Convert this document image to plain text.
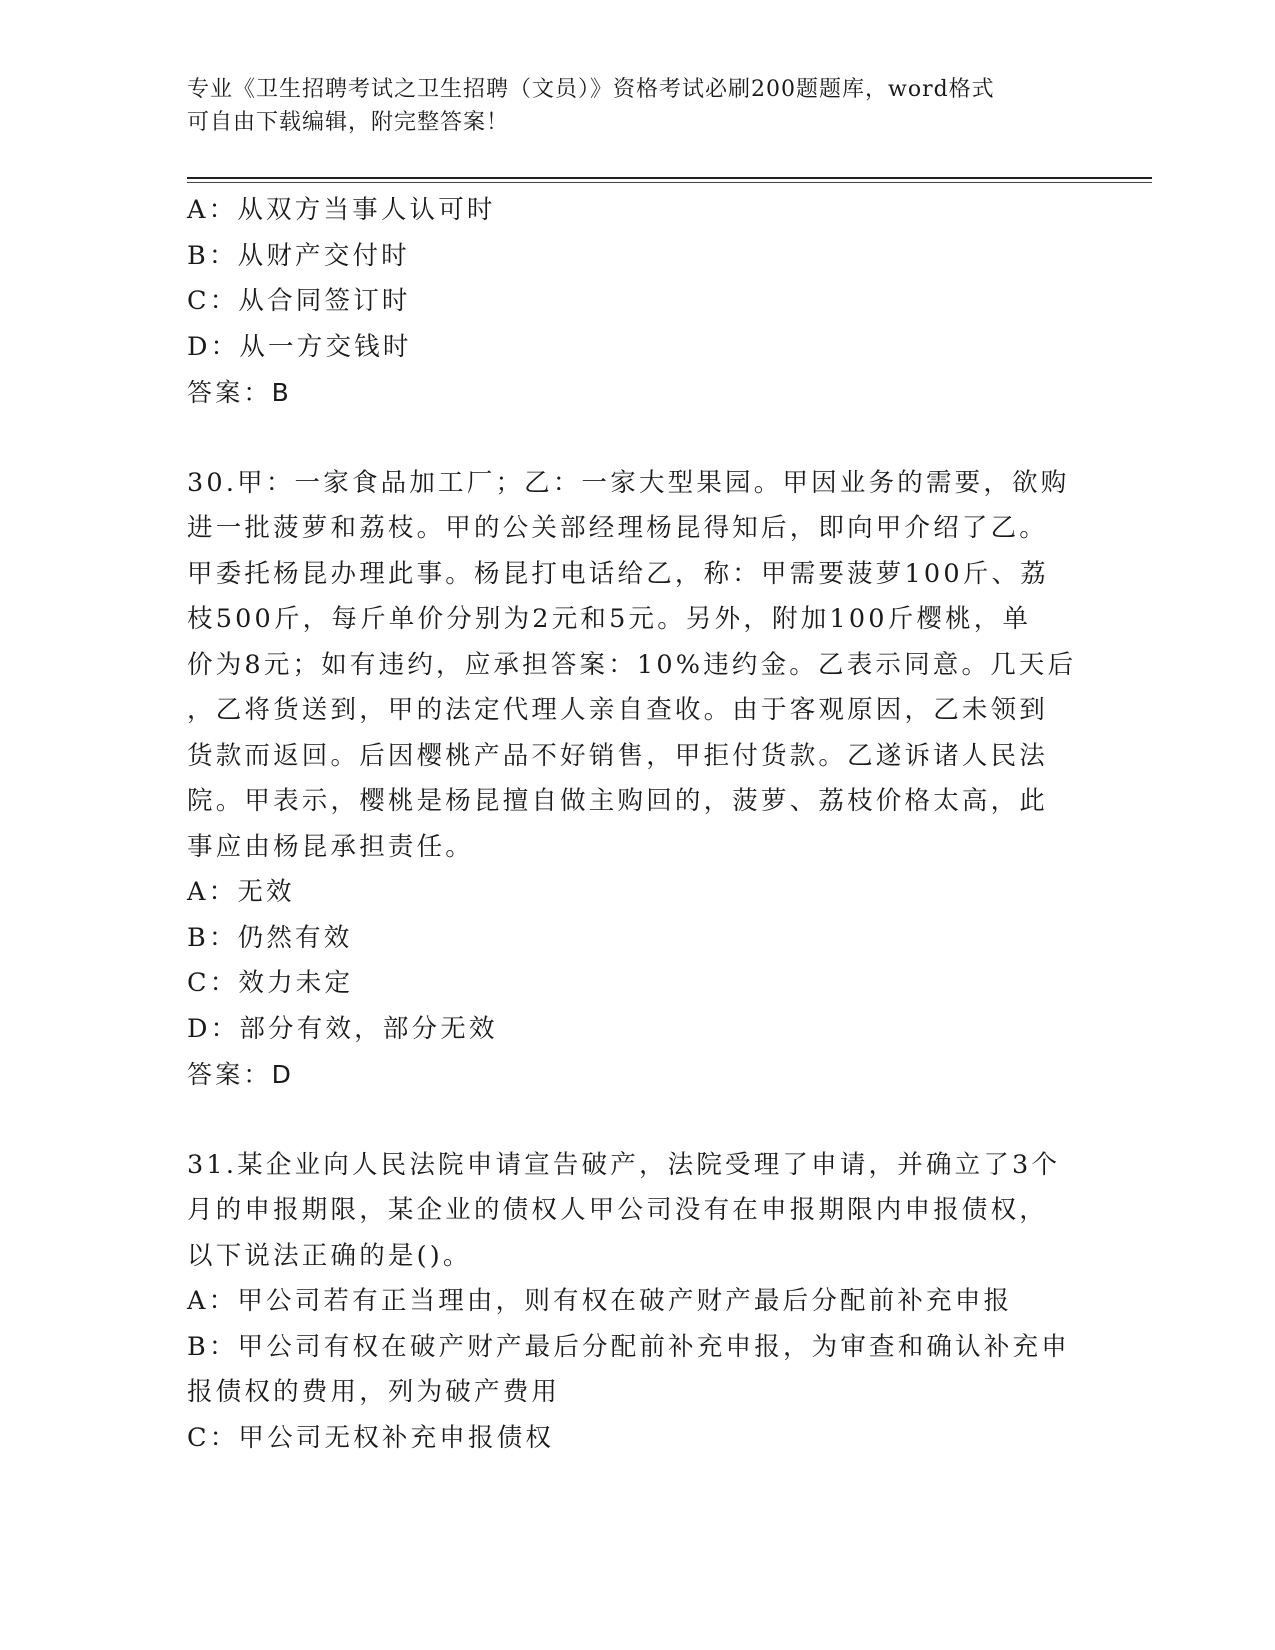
专业《卫生招聘考试之卫生招聘（文员）》资格考试必刷200题题库，word格式
可自由下载编辑，附完整答案！
A：从双方当事人认可时
B：从财产交付时
C：从合同签订时
D：从一方交钱时
答案：B
30.甲：一家食品加工厂；乙：一家大型果园。甲因业务的需要，欲购
进一批菠萝和荔枝。甲的公关部经理杨昆得知后，即向甲介绍了乙。
甲委托杨昆办理此事。杨昆打电话给乙，称：甲需要菠萝100斤、荔
枝500斤，每斤单价分别为2元和5元。另外，附加100斤樱桃，单
价为8元；如有违约，应承担答案：10%违约金。乙表示同意。几天后
，乙将货送到，甲的法定代理人亲自查收。由于客观原因，乙未领到
货款而返回。后因樱桃产品不好销售，甲拒付货款。乙遂诉诸人民法
院。甲表示，樱桃是杨昆擅自做主购回的，菠萝、荔枝价格太高，此
事应由杨昆承担责任。
A：无效
B：仍然有效
C：效力未定
D：部分有效，部分无效
答案：D
31.某企业向人民法院申请宣告破产，法院受理了申请，并确立了3个
月的申报期限，某企业的债权人甲公司没有在申报期限内申报债权，
以下说法正确的是()。
A：甲公司若有正当理由，则有权在破产财产最后分配前补充申报
B：甲公司有权在破产财产最后分配前补充申报，为审查和确认补充申
报债权的费用，列为破产费用
C：甲公司无权补充申报债权
